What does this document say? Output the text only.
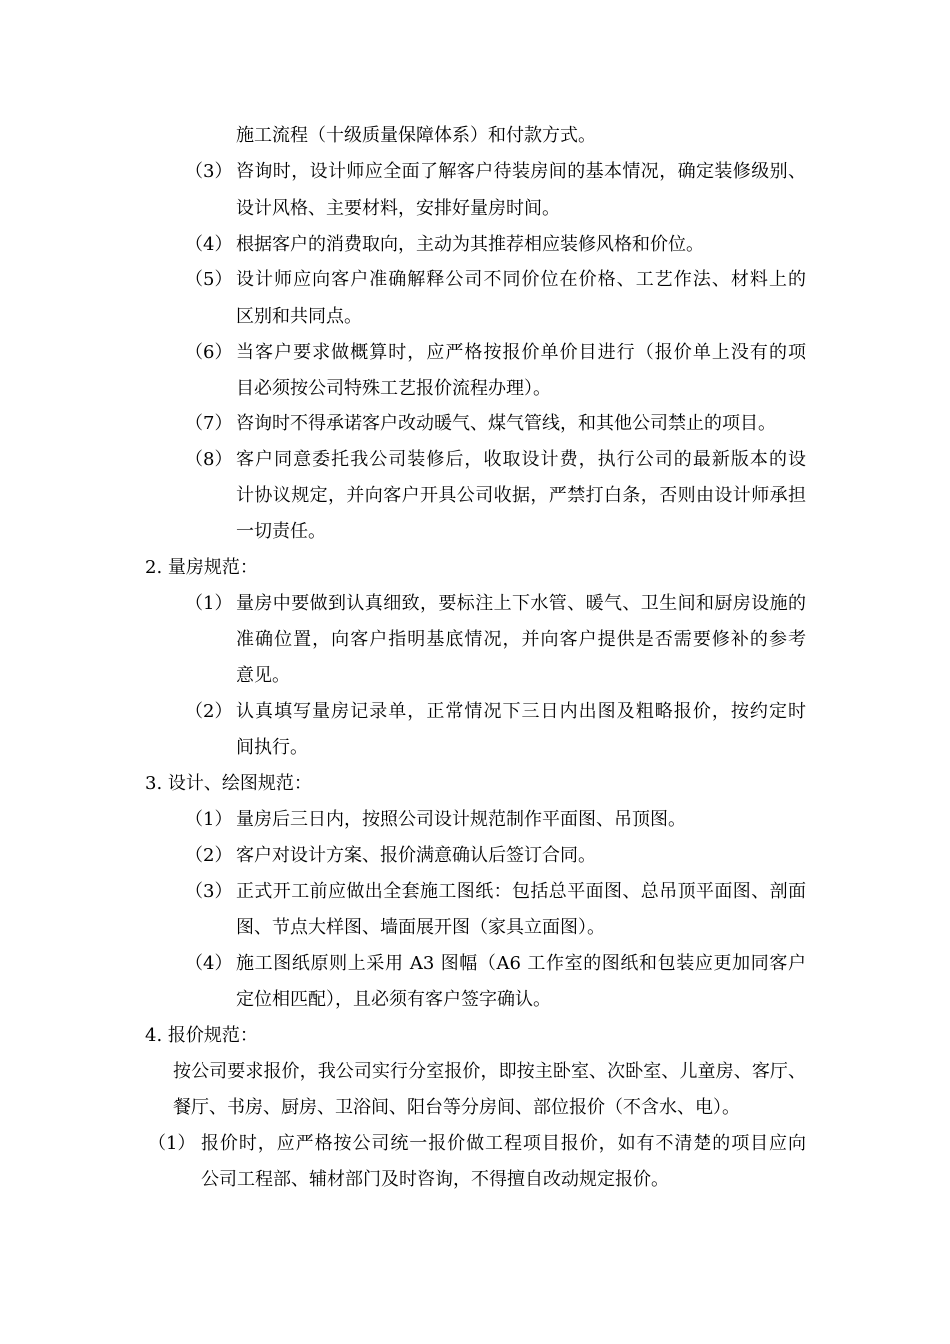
施工流程（十级质量保障体系）和付款方式。
（3） 咨询时，设计师应全面了解客户待装房间的基本情况，确定装修级别、
设计风格、主要材料，安排好量房时间。
（4） 根据客户的消费取向，主动为其推荐相应装修风格和价位。
（5） 设计师应向客户准确解释公司不同价位在价格、工艺作法、材料上的
区别和共同点。
（6） 当客户要求做概算时，应严格按报价单价目进行（报价单上没有的项
目必须按公司特殊工艺报价流程办理）。
（7） 咨询时不得承诺客户改动暖气、煤气管线，和其他公司禁止的项目。
（8） 客户同意委托我公司装修后，收取设计费，执行公司的最新版本的设
计协议规定，并向客户开具公司收据，严禁打白条，否则由设计师承担
一切责任。
2. 量房规范：
（1） 量房中要做到认真细致，要标注上下水管、暖气、卫生间和厨房设施的
准确位置，向客户指明基底情况，并向客户提供是否需要修补的参考
意见。
（2） 认真填写量房记录单，正常情况下三日内出图及粗略报价，按约定时
间执行。
3. 设计、绘图规范：
（1） 量房后三日内，按照公司设计规范制作平面图、吊顶图。
（2） 客户对设计方案、报价满意确认后签订合同。
（3） 正式开工前应做出全套施工图纸：包括总平面图、总吊顶平面图、剖面
图、节点大样图、墙面展开图（家具立面图）。
（4） 施工图纸原则上采用 A3 图幅（A6 工作室的图纸和包装应更加同客户
定位相匹配），且必须有客户签字确认。
4. 报价规范：
按公司要求报价，我公司实行分室报价，即按主卧室、次卧室、儿童房、客厅、
餐厅、书房、厨房、卫浴间、阳台等分房间、部位报价（不含水、电）。
（1） 报价时，应严格按公司统一报价做工程项目报价，如有不清楚的项目应向
公司工程部、辅材部门及时咨询，不得擅自改动规定报价。
